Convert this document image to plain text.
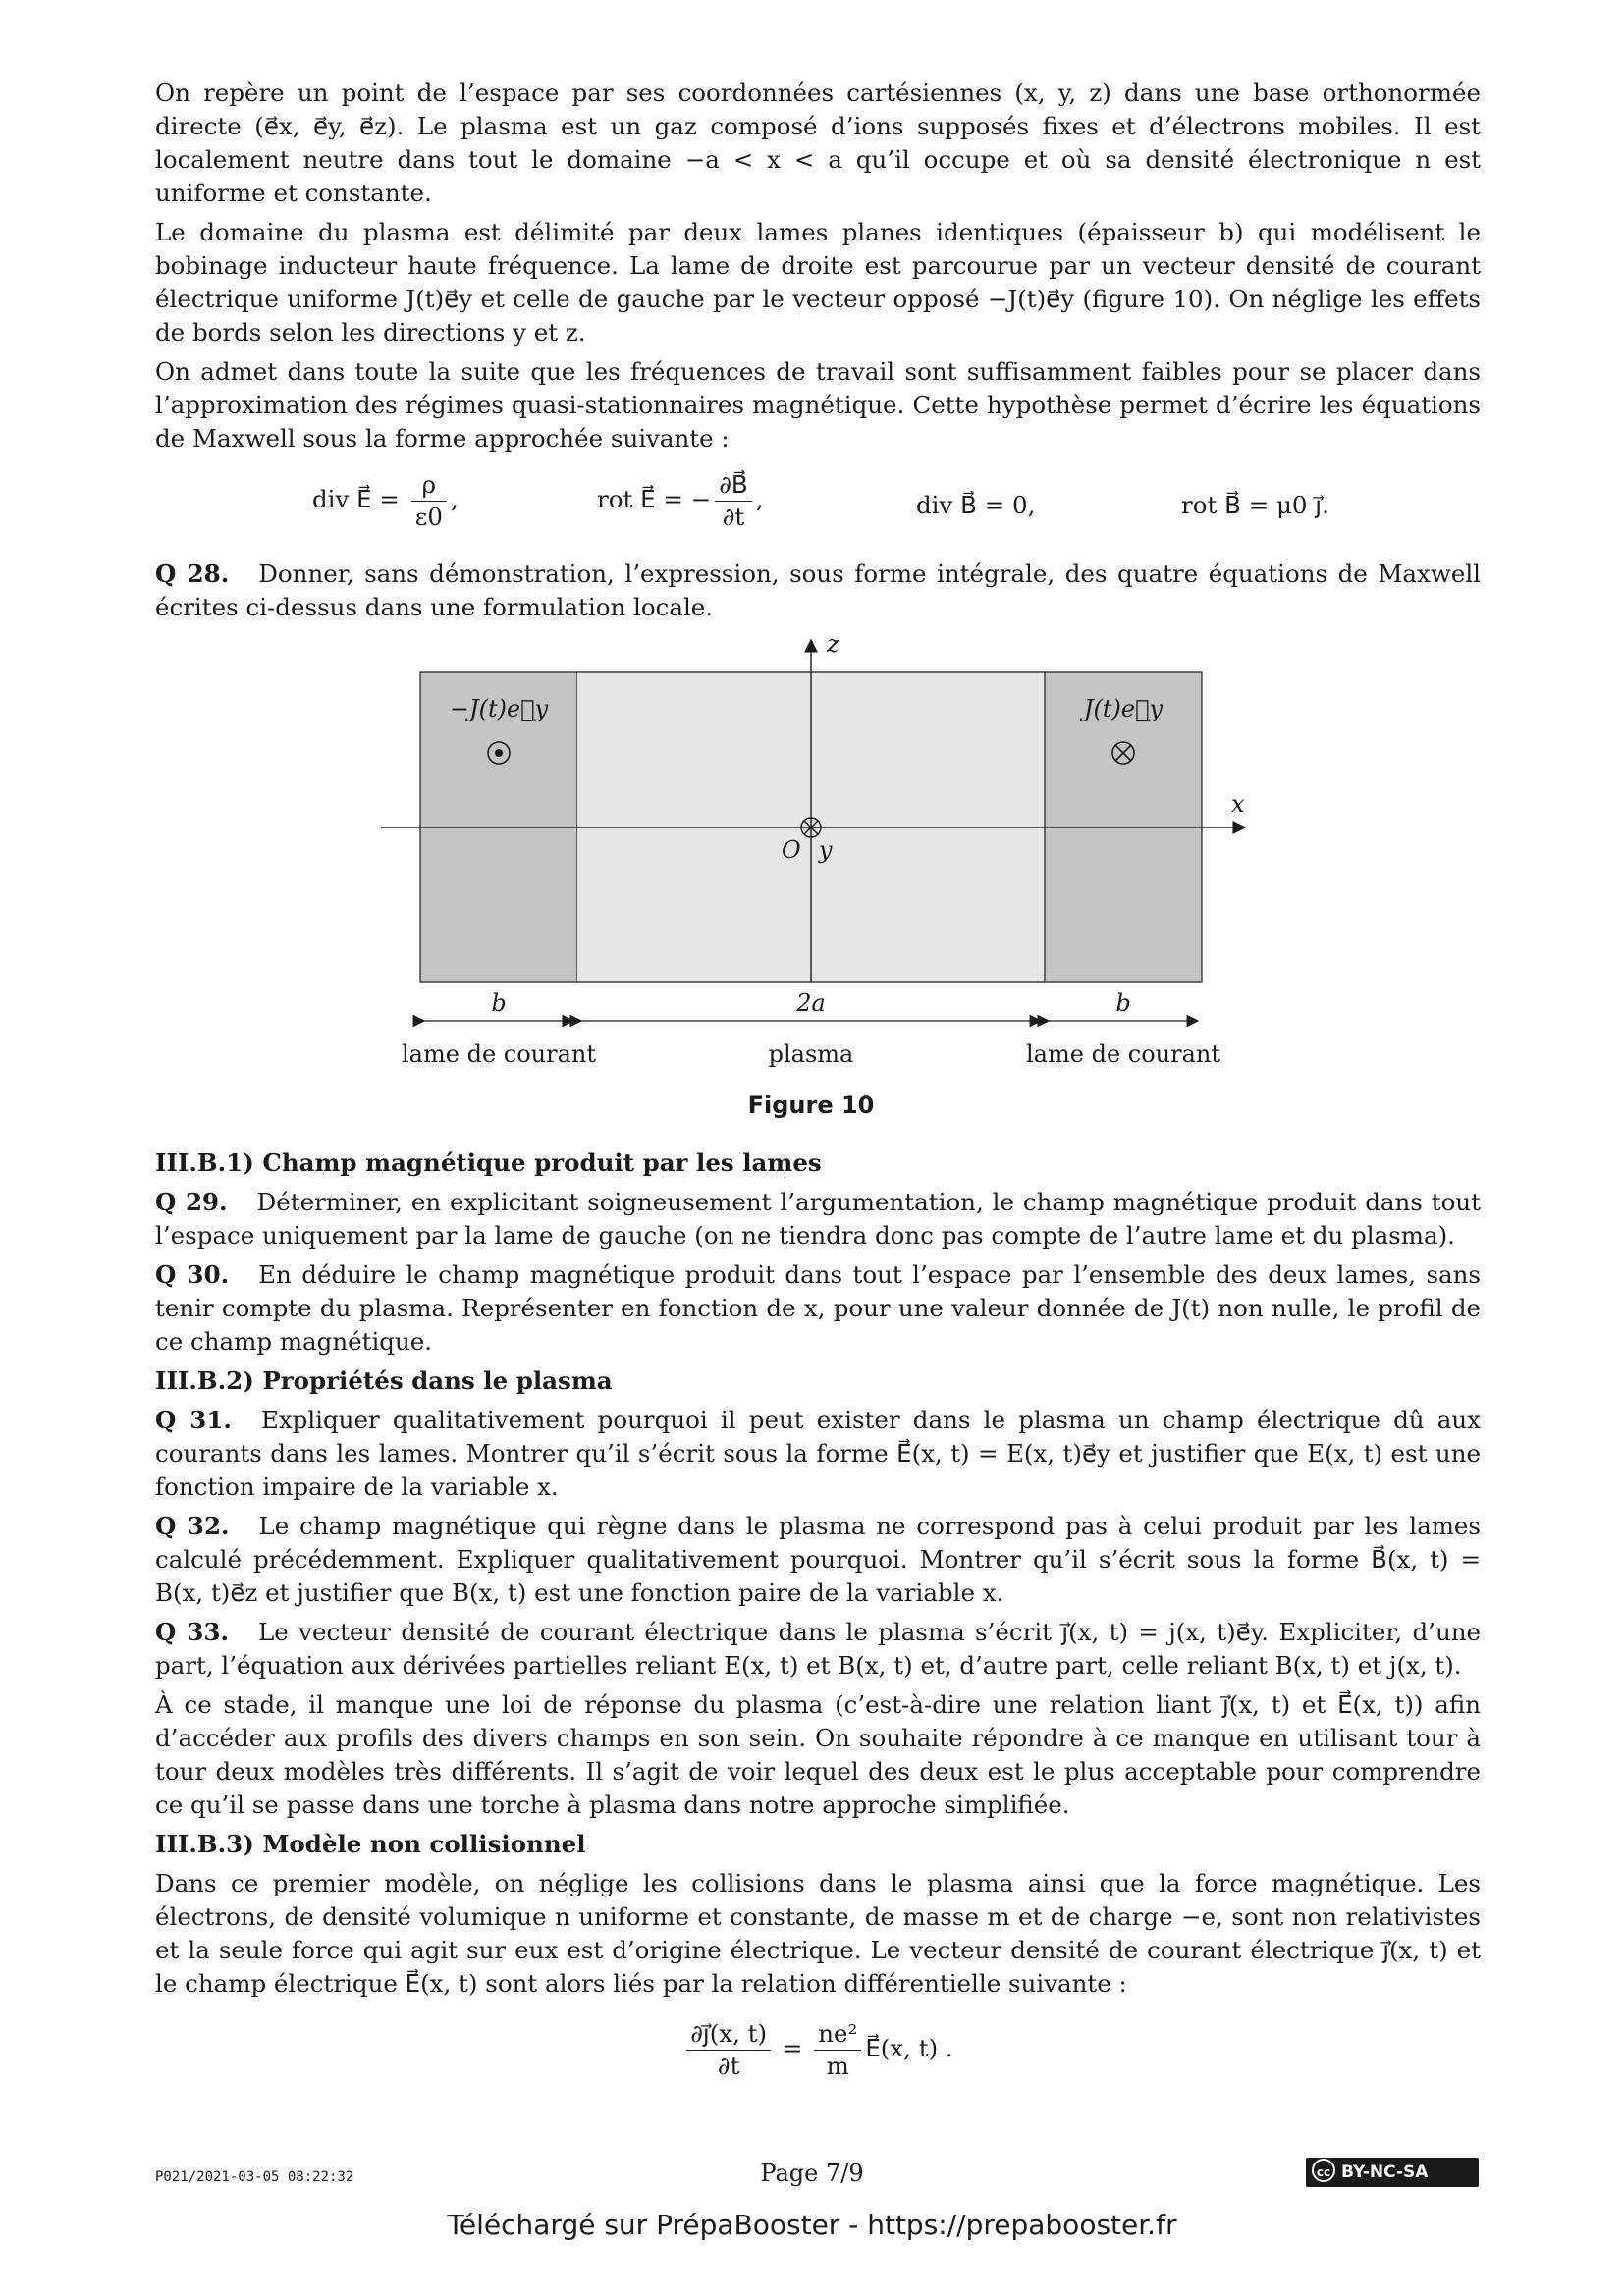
On repère un point de l’espace par ses coordonnées cartésiennes (x, y, z) dans une base orthonormée directe (e⃗x, e⃗y, e⃗z). Le plasma est un gaz composé d’ions supposés fixes et d’électrons mobiles. Il est localement neutre dans tout le domaine −a < x < a qu’il occupe et où sa densité électronique n est uniforme et constante.

Le domaine du plasma est délimité par deux lames planes identiques (épaisseur b) qui modélisent le bobinage inducteur haute fréquence. La lame de droite est parcourue par un vecteur densité de courant électrique uniforme J(t)e⃗y et celle de gauche par le vecteur opposé −J(t)e⃗y (figure 10). On néglige les effets de bords selon les directions y et z.

On admet dans toute la suite que les fréquences de travail sont suffisamment faibles pour se placer dans l’approximation des régimes quasi-stationnaires magnétique. Cette hypothèse permet d’écrire les équations de Maxwell sous la forme approchée suivante :

div E⃗ = $\frac{\rho}{\varepsilon 0}$ ,	rot E⃗ = − $\frac{\partial B⃗}{\partial t}$ ,	div B⃗ = 0,	rot B⃗ = μ0 j⃗.

Q 28. Donner, sans démonstration, l’expression, sous forme intégrale, des quatre équations de Maxwell écrites ci-dessus dans une formulation locale.

−J(t)e⃗y	J(t)e⃗y
z
x
O y
b	2a	b
lame de courant	plasma	lame de courant
Figure 10
III.B.1) Champ magnétique produit par les lames

Q 29. Déterminer, en explicitant soigneusement l’argumentation, le champ magnétique produit dans tout l’espace uniquement par la lame de gauche (on ne tiendra donc pas compte de l’autre lame et du plasma).

Q 30. En déduire le champ magnétique produit dans tout l’espace par l’ensemble des deux lames, sans tenir compte du plasma. Représenter en fonction de x, pour une valeur donnée de J(t) non nulle, le profil de ce champ magnétique.

III.B.2) Propriétés dans le plasma

Q 31. Expliquer qualitativement pourquoi il peut exister dans le plasma un champ électrique dû aux courants dans les lames. Montrer qu’il s’écrit sous la forme E⃗(x, t) = E(x, t)e⃗y et justifier que E(x, t) est une fonction impaire de la variable x.

Q 32. Le champ magnétique qui règne dans le plasma ne correspond pas à celui produit par les lames calculé précédemment. Expliquer qualitativement pourquoi. Montrer qu’il s’écrit sous la forme B⃗(x, t) = B(x, t)e⃗z et justifier que B(x, t) est une fonction paire de la variable x.

Q 33. Le vecteur densité de courant électrique dans le plasma s’écrit j⃗(x, t) = j(x, t)e⃗y. Expliciter, d’une part, l’équation aux dérivées partielles reliant E(x, t) et B(x, t) et, d’autre part, celle reliant B(x, t) et j(x, t).

À ce stade, il manque une loi de réponse du plasma (c’est-à-dire une relation liant j⃗(x, t) et E⃗(x, t)) afin d’accéder aux profils des divers champs en son sein. On souhaite répondre à ce manque en utilisant tour à tour deux modèles très différents. Il s’agit de voir lequel des deux est le plus acceptable pour comprendre ce qu’il se passe dans une torche à plasma dans notre approche simplifiée.

III.B.3) Modèle non collisionnel

Dans ce premier modèle, on néglige les collisions dans le plasma ainsi que la force magnétique. Les électrons, de densité volumique n uniforme et constante, de masse m et de charge −e, sont non relativistes et la seule force qui agit sur eux est d’origine électrique. Le vecteur densité de courant électrique j⃗(x, t) et le champ électrique E⃗(x, t) sont alors liés par la relation différentielle suivante :

$\frac{\partial j⃗(x, t)}{\partial t} = \frac{\text{ne²}}{m}$ E⃗(x, t) .
P021/2021-03-05 08:22:32	Page 7/9	cc BY-NC-SA
Téléchargé sur PrépaBooster - https://prepabooster.fr
